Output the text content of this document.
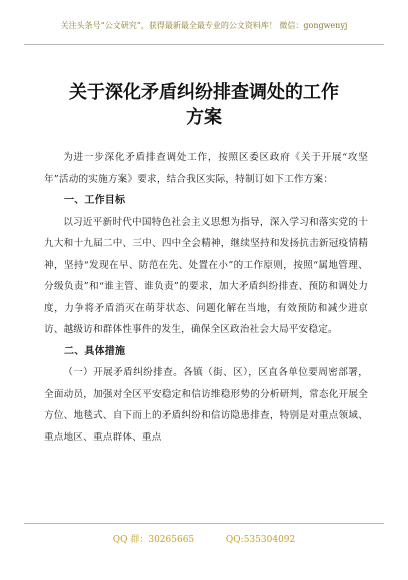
关注头条号“公文研究”，获得最新最全最专业的公文资料库！ 微信：gongwenyj
关于深化矛盾纠纷排查调处的工作
方案

为进一步深化矛盾排查调处工作，按照区委区政府《关于开展“攻坚年”活动的实施方案》要求，结合我区实际，特制订如下工作方案：

一、工作目标

以习近平新时代中国特色社会主义思想为指导，深入学习和落实党的十九大和十九届二中、三中、四中全会精神，继续坚持和发扬抗击新冠疫情精神，坚持“发现在早、防范在先、处置在小”的工作原则，按照“属地管理、分级负责”和“谁主管、谁负责”的要求，加大矛盾纠纷排查、预防和调处力度，力争将矛盾消灭在萌芽状态、问题化解在当地，有效预防和减少进京访、越级访和群体性事件的发生，确保全区政治社会大局平安稳定。

二、具体措施

（一）开展矛盾纠纷排查。各镇（街、区），区直各单位要周密部署，全面动员，加强对全区平安稳定和信访维稳形势的分析研判，常态化开展全方位、地毯式、自下而上的矛盾纠纷和信访隐患排查，特别是对重点领域、重点地区、重点群体、重点

QQ 群：30265665	QQ:535304092
